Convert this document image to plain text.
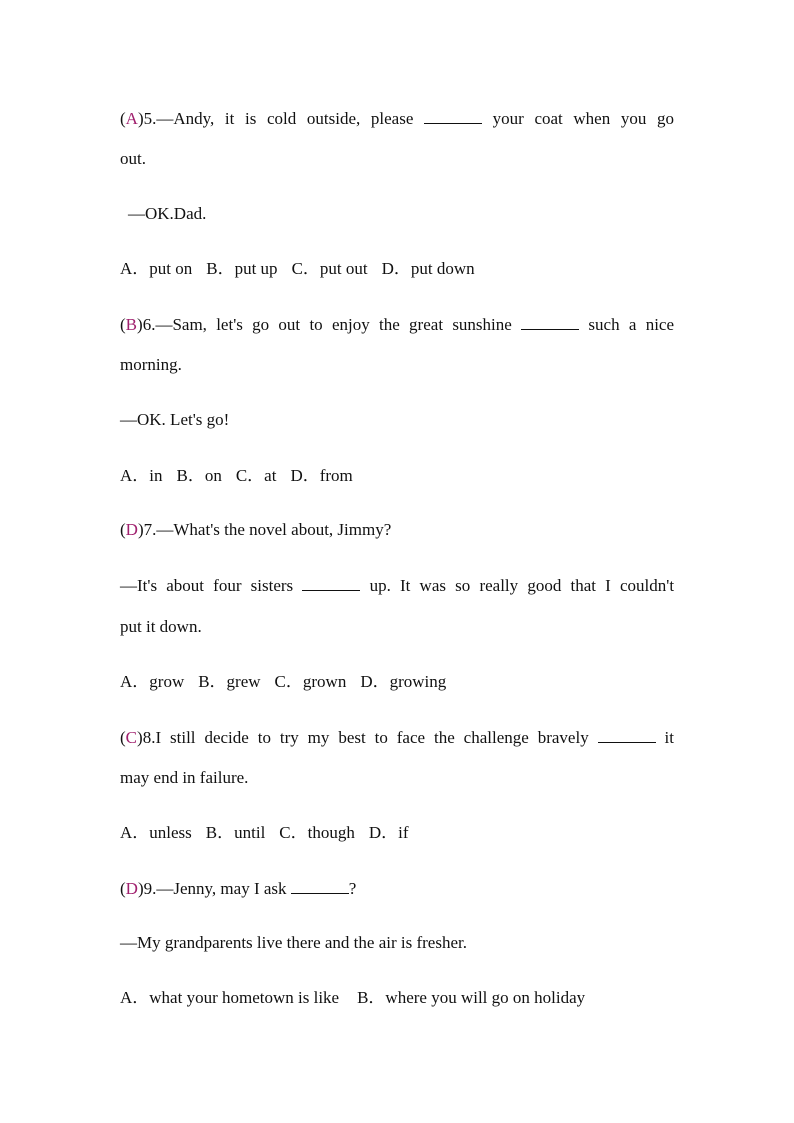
(A)5.—Andy, it is cold outside, please	your coat when you go
out.
—OK.Dad.
A．put on B．put up C．put out D．put down
(B)6.—Sam, let's go out to enjoy the great sunshine	such a nice
morning.
—OK. Let's go!
A．in B．on C．at D．from
(D)7.—What's the novel about, Jimmy?
—It's about four sisters	up. It was so really good that I couldn't
put it down.
A．grow B．grew C．grown D．growing
(C)8.I still decide to try my best to face the challenge bravely	it
may end in failure.
A．unless B．until C．though D．if
(D)9.—Jenny, may I ask	?
—My grandparents live there and the air is fresher.
A．what your hometown is like B．where you will go on holiday
